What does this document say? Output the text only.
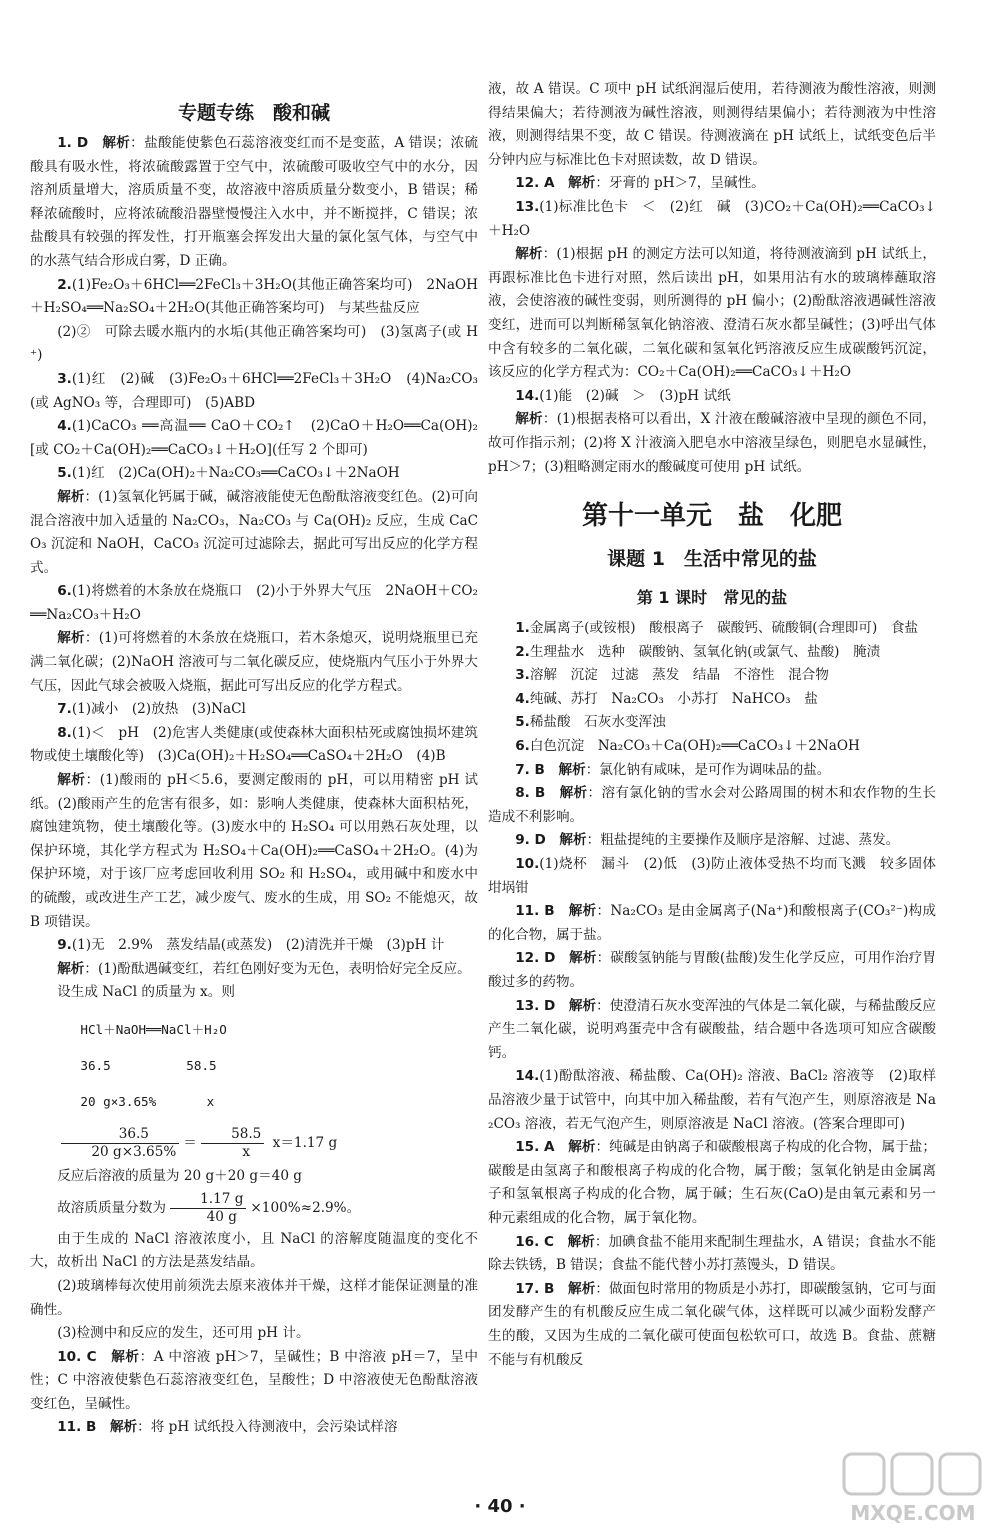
专题专练　酸和碱

1. D　解析：盐酸能使紫色石蕊溶液变红而不是变蓝，A 错误；浓硫酸具有吸水性，将浓硫酸露置于空气中，浓硫酸可吸收空气中的水分，因溶剂质量增大，溶质质量不变，故溶液中溶质质量分数变小，B 错误；稀释浓硫酸时，应将浓硫酸沿器壁慢慢注入水中，并不断搅拌，C 错误；浓盐酸具有较强的挥发性，打开瓶塞会挥发出大量的氯化氢气体，与空气中的水蒸气结合形成白雾，D 正确。

2.(1)Fe₂O₃＋6HCl══2FeCl₃＋3H₂O(其他正确答案均可)　2NaOH＋H₂SO₄══Na₂SO₄＋2H₂O(其他正确答案均可)　与某些盐反应

(2)②　可除去暖水瓶内的水垢(其他正确答案均可)　(3)氢离子(或 H⁺)

3.(1)红　(2)碱　(3)Fe₂O₃＋6HCl══2FeCl₃＋3H₂O　(4)Na₂CO₃(或 AgNO₃ 等，合理即可)　(5)ABD

4.(1)CaCO₃ ══高温══ CaO＋CO₂↑　(2)CaO＋H₂O══Ca(OH)₂[或 CO₂＋Ca(OH)₂══CaCO₃↓＋H₂O](任写 2 个即可)

5.(1)红　(2)Ca(OH)₂＋Na₂CO₃══CaCO₃↓＋2NaOH

解析：(1)氢氧化钙属于碱，碱溶液能使无色酚酞溶液变红色。(2)可向混合溶液中加入适量的 Na₂CO₃，Na₂CO₃ 与 Ca(OH)₂ 反应，生成 CaCO₃ 沉淀和 NaOH，CaCO₃ 沉淀可过滤除去，据此可写出反应的化学方程式。

6.(1)将燃着的木条放在烧瓶口　(2)小于外界大气压　2NaOH＋CO₂══Na₂CO₃＋H₂O

解析：(1)可将燃着的木条放在烧瓶口，若木条熄灭，说明烧瓶里已充满二氧化碳；(2)NaOH 溶液可与二氧化碳反应，使烧瓶内气压小于外界大气压，因此气球会被吸入烧瓶，据此可写出反应的化学方程式。

7.(1)减小　(2)放热　(3)NaCl

8.(1)＜　pH　(2)危害人类健康(或使森林大面积枯死或腐蚀损坏建筑物或使土壤酸化等)　(3)Ca(OH)₂＋H₂SO₄══CaSO₄＋2H₂O　(4)B

解析：(1)酸雨的 pH＜5.6，要测定酸雨的 pH，可以用精密 pH 试纸。(2)酸雨产生的危害有很多，如：影响人类健康，使森林大面积枯死，腐蚀建筑物，使土壤酸化等。(3)废水中的 H₂SO₄ 可以用熟石灰处理，以保护环境，其化学方程式为 H₂SO₄＋Ca(OH)₂══CaSO₄＋2H₂O。(4)为保护环境，对于该厂应考虑回收利用 SO₂ 和 H₂SO₄，或用碱中和废水中的硫酸，或改进生产工艺，减少废气、废水的生成，用 SO₂ 不能熄灭，故 B 项错误。

9.(1)无　2.9%　蒸发结晶(或蒸发)　(2)清洗并干燥　(3)pH 计

解析：(1)酚酞遇碱变红，若红色刚好变为无色，表明恰好完全反应。

设生成 NaCl 的质量为 x。则

HCl＋NaOH══NaCl＋H₂O

36.5　　　　　　58.5

20 g×3.65%　　　　x

$\frac{36.5}{20 g\times 3.65\%} = \frac{58.5}{x} x=1.17$ g

反应后溶液的质量为 20 g＋20 g＝40 g

故溶质质量分数为 $\frac{1.17 g}{40 g} \times 100\%\approx 2.9\%$。

由于生成的 NaCl 溶液浓度小，且 NaCl 的溶解度随温度的变化不大，故析出 NaCl 的方法是蒸发结晶。

(2)玻璃棒每次使用前须洗去原来液体并干燥，这样才能保证测量的准确性。

(3)检测中和反应的发生，还可用 pH 计。

10. C　解析：A 中溶液 pH＞7，呈碱性；B 中溶液 pH＝7，呈中性；C 中溶液使紫色石蕊溶液变红色，呈酸性；D 中溶液使无色酚酞溶液变红色，呈碱性。

11. B　解析：将 pH 试纸投入待测液中，会污染试样溶

液，故 A 错误。C 项中 pH 试纸润湿后使用，若待测液为酸性溶液，则测得结果偏大；若待测液为碱性溶液，则测得结果偏小；若待测液为中性溶液，则测得结果不变，故 C 错误。待测液滴在 pH 试纸上，试纸变色后半分钟内应与标准比色卡对照读数，故 D 错误。

12. A　解析：牙膏的 pH＞7，呈碱性。

13.(1)标准比色卡　＜　(2)红　碱　(3)CO₂＋Ca(OH)₂══CaCO₃↓＋H₂O

解析：(1)根据 pH 的测定方法可以知道，将待测液滴到 pH 试纸上，再跟标准比色卡进行对照，然后读出 pH，如果用沾有水的玻璃棒蘸取溶液，会使溶液的碱性变弱，则所测得的 pH 偏小；(2)酚酞溶液遇碱性溶液变红，进而可以判断稀氢氧化钠溶液、澄清石灰水都呈碱性；(3)呼出气体中含有较多的二氧化碳，二氧化碳和氢氧化钙溶液反应生成碳酸钙沉淀，该反应的化学方程式为：CO₂＋Ca(OH)₂══CaCO₃↓＋H₂O

14.(1)能　(2)碱　＞　(3)pH 试纸

解析：(1)根据表格可以看出，X 汁液在酸碱溶液中呈现的颜色不同，故可作指示剂；(2)将 X 汁液滴入肥皂水中溶液呈绿色，则肥皂水显碱性，pH＞7；(3)粗略测定雨水的酸碱度可使用 pH 试纸。

第十一单元　盐　化肥
课题 1　生活中常见的盐
第 1 课时　常见的盐

1.金属离子(或铵根)　酸根离子　碳酸钙、硫酸铜(合理即可)　食盐

2.生理盐水　选种　碳酸钠、氢氧化钠(或氯气、盐酸)　腌渍

3.溶解　沉淀　过滤　蒸发　结晶　不溶性　混合物

4.纯碱、苏打　Na₂CO₃　小苏打　NaHCO₃　盐

5.稀盐酸　石灰水变浑浊

6.白色沉淀　Na₂CO₃＋Ca(OH)₂══CaCO₃↓＋2NaOH

7. B　解析：氯化钠有咸味，是可作为调味品的盐。

8. B　解析：溶有氯化钠的雪水会对公路周围的树木和农作物的生长造成不利影响。

9. D　解析：粗盐提纯的主要操作及顺序是溶解、过滤、蒸发。

10.(1)烧杯　漏斗　(2)低　(3)防止液体受热不均而飞溅　较多固体　坩埚钳

11. B　解析：Na₂CO₃ 是由金属离子(Na⁺)和酸根离子(CO₃²⁻)构成的化合物，属于盐。

12. D　解析：碳酸氢钠能与胃酸(盐酸)发生化学反应，可用作治疗胃酸过多的药物。

13. D　解析：使澄清石灰水变浑浊的气体是二氧化碳，与稀盐酸反应产生二氧化碳，说明鸡蛋壳中含有碳酸盐，结合题中各选项可知应含碳酸钙。

14.(1)酚酞溶液、稀盐酸、Ca(OH)₂ 溶液、BaCl₂ 溶液等　(2)取样品溶液少量于试管中，向其中加入稀盐酸，若有气泡产生，则原溶液是 Na₂CO₃ 溶液，若无气泡产生，则原溶液是 NaCl 溶液。(答案合理即可)

15. A　解析：纯碱是由钠离子和碳酸根离子构成的化合物，属于盐；碳酸是由氢离子和酸根离子构成的化合物，属于酸；氢氧化钠是由金属离子和氢氧根离子构成的化合物，属于碱；生石灰(CaO)是由氧元素和另一种元素组成的化合物，属于氧化物。

16. C　解析：加碘食盐不能用来配制生理盐水，A 错误；食盐水不能除去铁锈，B 错误；食盐不能代替小苏打蒸馒头，D 错误。

17. B　解析：做面包时常用的物质是小苏打，即碳酸氢钠，它可与面团发酵产生的有机酸反应生成二氧化碳气体，这样既可以减少面粉发酵产生的酸，又因为生成的二氧化碳可使面包松软可口，故选 B。食盐、蔗糖不能与有机酸反

· 40 ·	MXQE.COM
